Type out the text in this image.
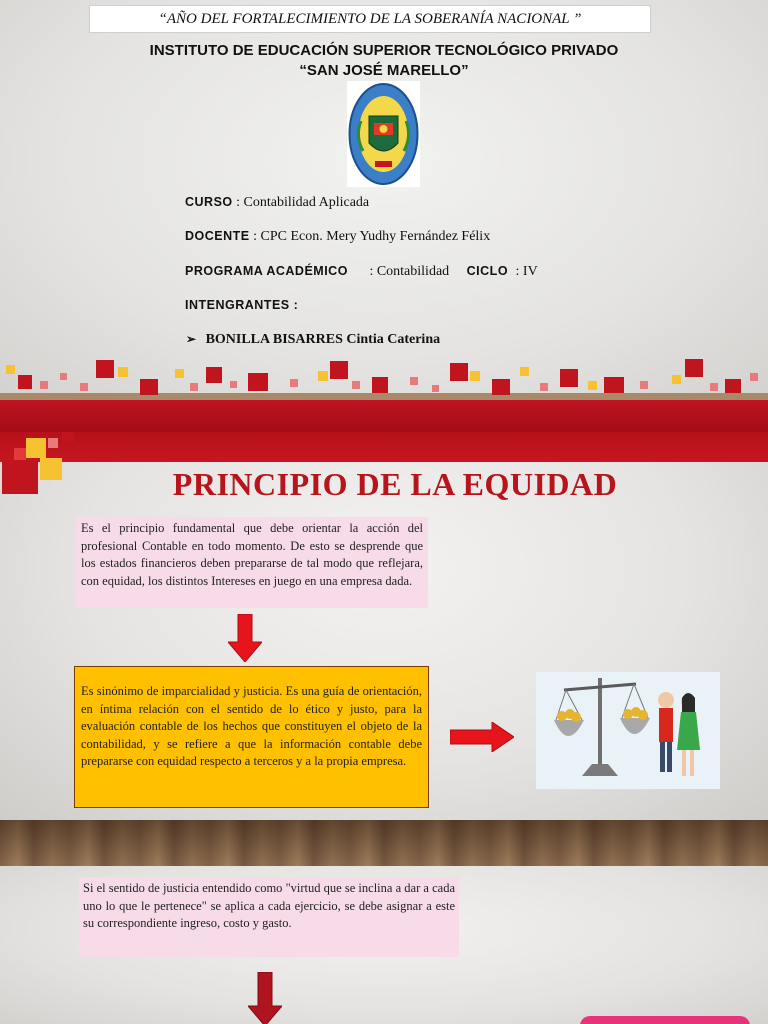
“AÑO DEL FORTALECIMIENTO DE LA SOBERANÍA NACIONAL ”
INSTITUTO DE EDUCACIÓN SUPERIOR TECNOLÓGICO PRIVADO
“SAN JOSÉ MARELLO”
CURSO : Contabilidad Aplicada
DOCENTE : CPC Econ. Mery Yudhy Fernández Félix
PROGRAMA ACADÉMICO : Contabilidad CICLO : IV
INTENGRANTES :
➢ BONILLA BISARRES Cintia Caterina
PRINCIPIO DE LA EQUIDAD
Es el principio fundamental que debe orientar la acción del profesional Contable en todo momento. De esto se desprende que los estados financieros deben prepararse de tal modo que reflejara, con equidad, los distintos Intereses en juego en una empresa dada.
Es sinónimo de imparcialidad y justicia. Es una guía de orientación, en íntima relación con el sentido de lo ético y justo, para la evaluación contable de los hechos que constituyen el objeto de la contabilidad, y se refiere a que la información contable debe prepararse con equidad respecto a terceros y a la propia empresa.
Si el sentido de justicia entendido como "virtud que se inclina a dar a cada uno lo que le pertenece" se aplica a cada ejercicio, se debe asignar a este su correspondiente ingreso, costo y gasto.
